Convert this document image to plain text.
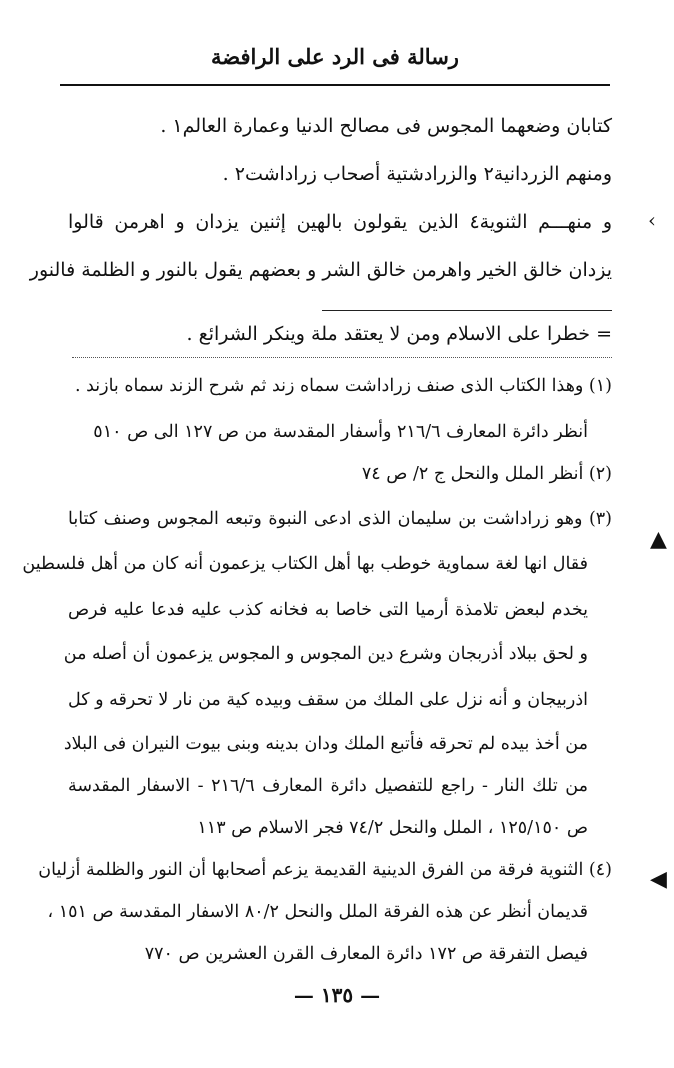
رسالة فى الرد على الرافضة
كتابان وضعهما المجوس فى مصالح الدنيا وعمارة العالم١ .
ومنهم الزردانية٢ والزرادشتية أصحاب زراداشت٢ .
و منهـــم الثنوية٤ الذين يقولون بالهين إثنين يزدان و اهرمن قالوا
يزدان خالق الخير واهرمن خالق الشر و بعضهم يقول بالنور و الظلمة فالنور
= خطرا على الاسلام ومن لا يعتقد ملة وينكر الشرائع .
(١) وهذا الكتاب الذى صنف زراداشت سماه زند ثم شرح الزند سماه بازند .
أنظر دائرة المعارف ٢١٦/٦ وأسفار المقدسة من ص ١٢٧ الى ص ٥١٠
(٢) أنظر الملل والنحل ج ٢/ ص ٧٤
(٣) وهو زراداشت بن سليمان الذى ادعى النبوة وتبعه المجوس وصنف كتابا
فقال انها لغة سماوية خوطب بها أهل الكتاب يزعمون أنه كان من أهل فلسطين
يخدم لبعض تلامذة أرميا التى خاصا به فخانه كذب عليه فدعا عليه فرص
و لحق ببلاد أذربجان وشرع دين المجوس و المجوس يزعمون أن أصله من
اذربيجان و أنه نزل على الملك من سقف وبيده كية من نار لا تحرقه و كل
من أخذ بيده لم تحرقه فأتبع الملك ودان بدينه وبنى بيوت النيران فى البلاد
من تلك النار - راجع للتفصيل دائرة المعارف ٢١٦/٦ - الاسفار المقدسة
ص ١٢٥/١٥٠ ، الملل والنحل ٧٤/٢ فجر الاسلام ص ١١٣
(٤) الثنوية فرقة من الفرق الدينية القديمة يزعم أصحابها أن النور والظلمة أزليان
قديمان أنظر عن هذه الفرقة الملل والنحل ٨٠/٢ الاسفار المقدسة ص ١٥١ ،
فيصل التفرقة ص ١٧٢ دائرة المعارف القرن العشرين ص ٧٧٠
— ١٣٥ —
›
▲
◀
